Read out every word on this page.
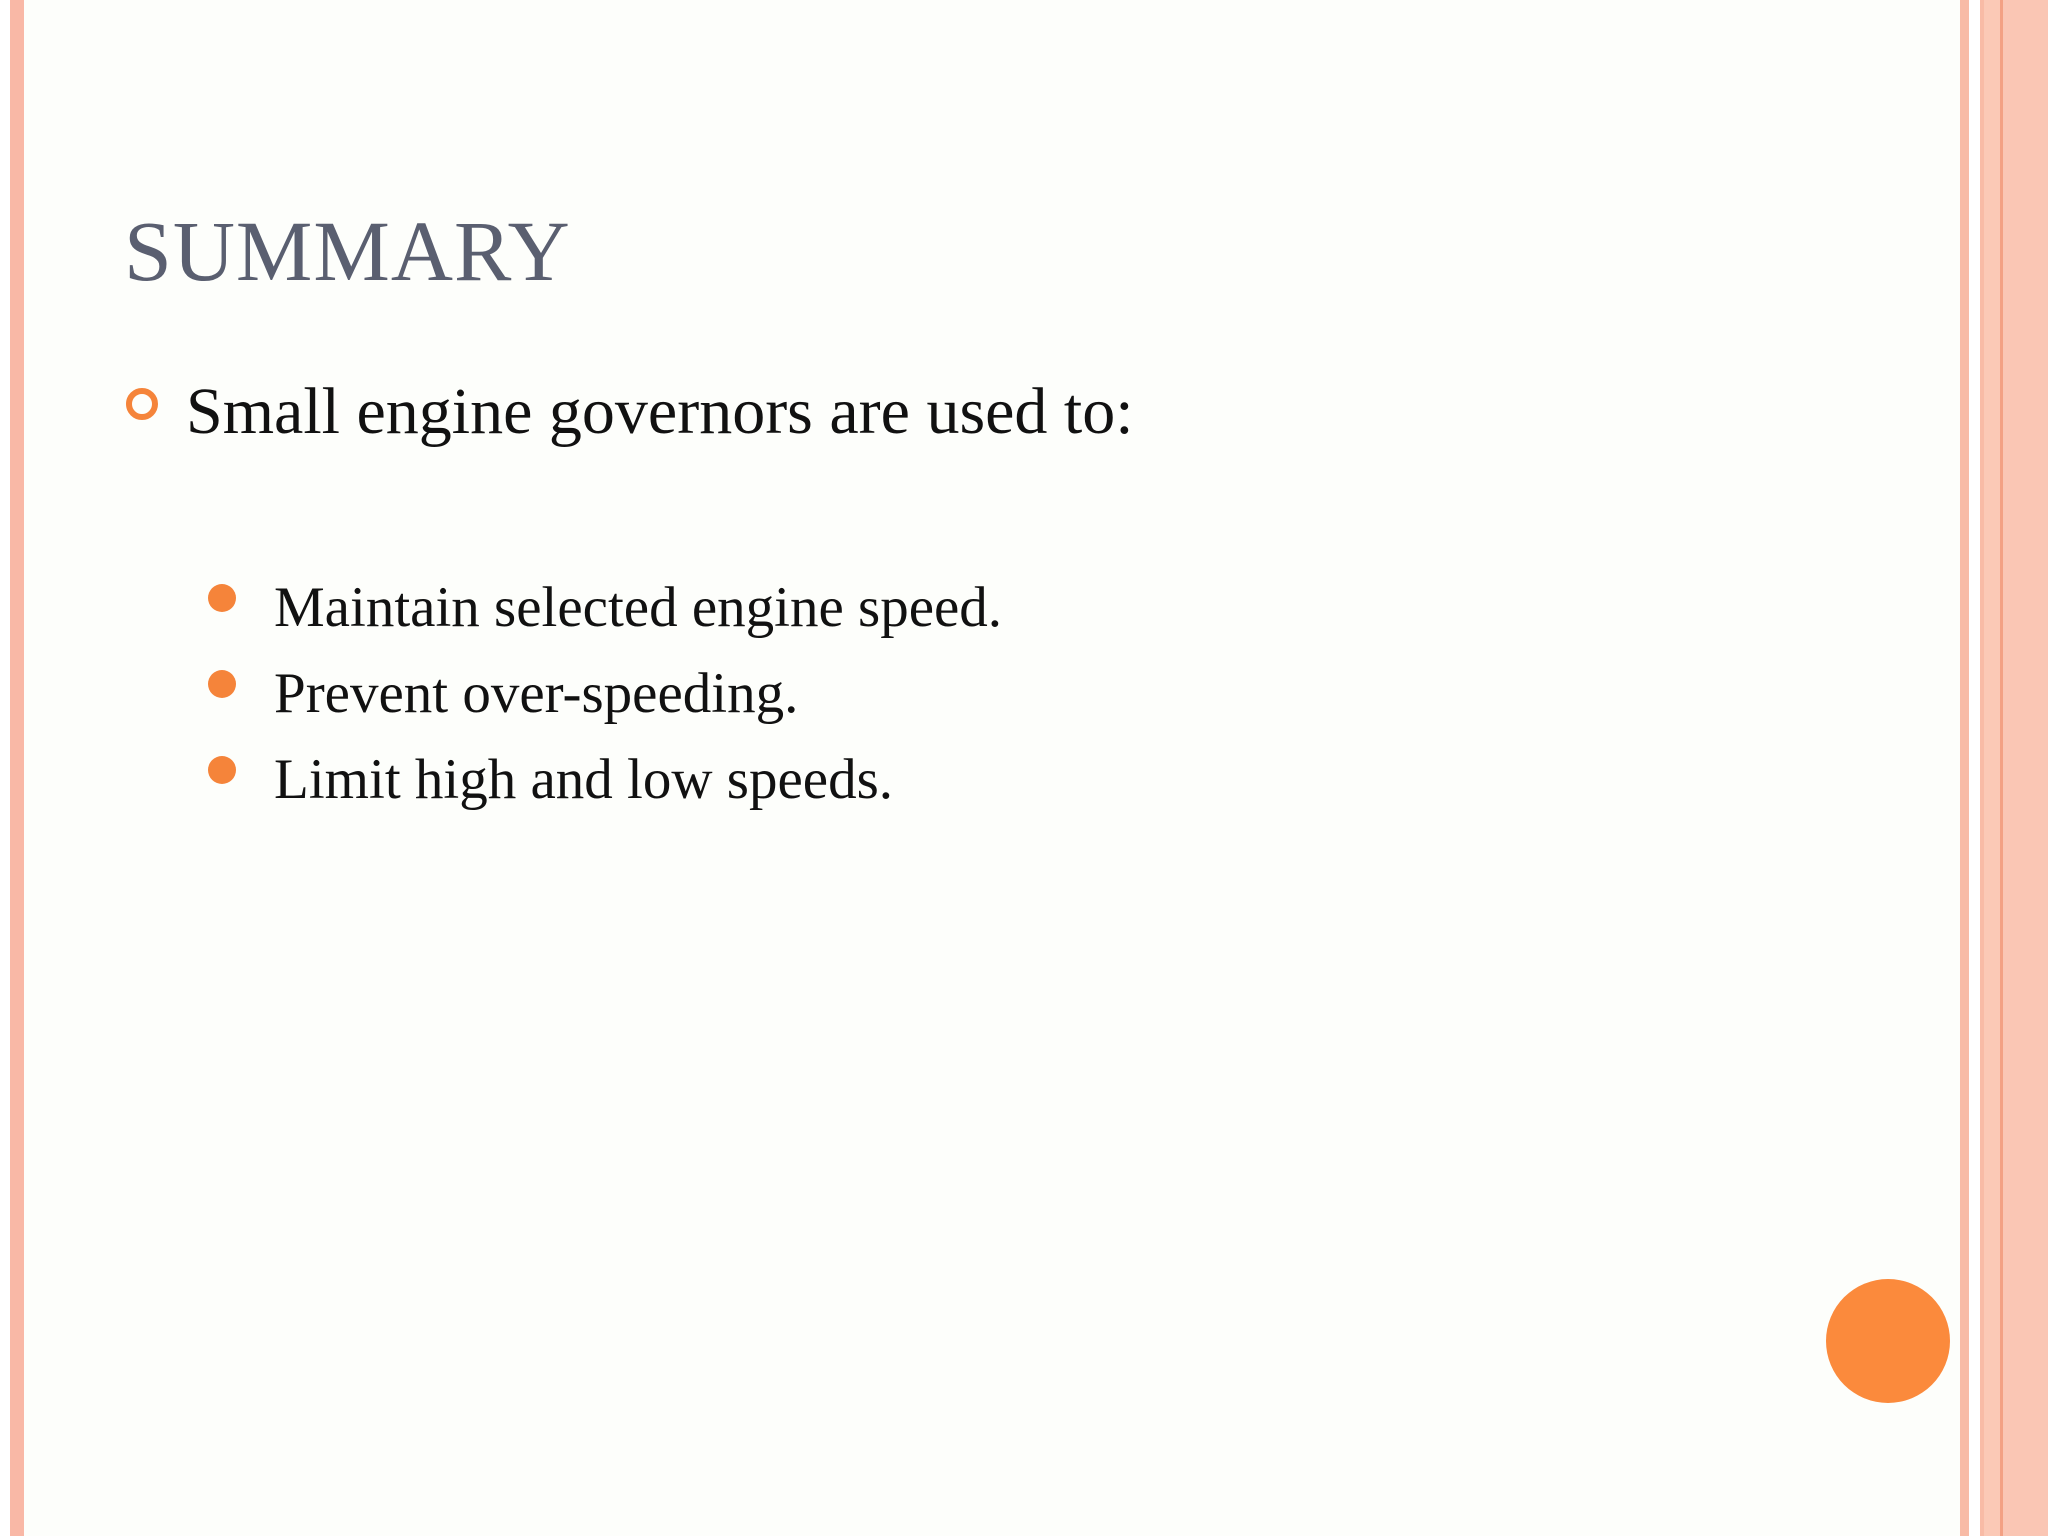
SUMMARY
Small engine governors are used to:
Maintain selected engine speed.
Prevent over-speeding.
Limit high and low speeds.
